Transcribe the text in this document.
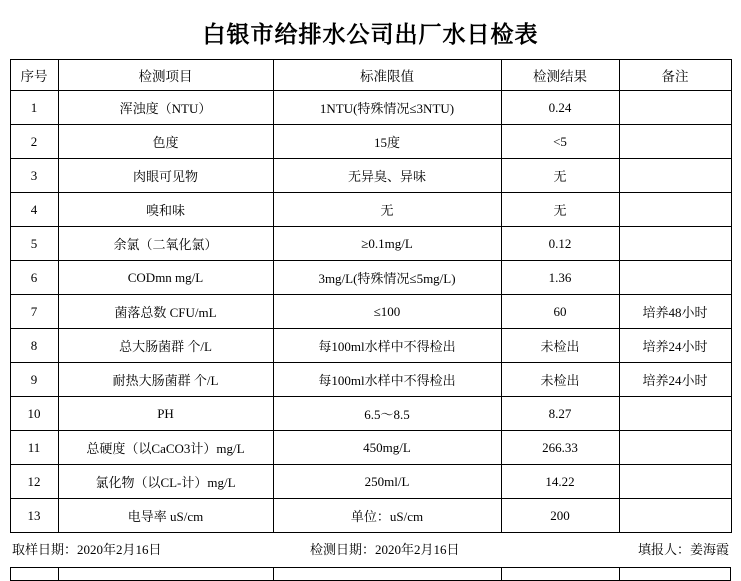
白银市给排水公司出厂水日检表
序号	检测项目	标准限值	检测结果	备注
1	浑浊度（NTU）	1NTU(特殊情况≤3NTU)	0.24	
2	色度	15度	<5	
3	肉眼可见物	无异臭、异味	无	
4	嗅和味	无	无	
5	余氯（二氧化氯）	≥0.1mg/L	0.12	
6	CODmn mg/L	3mg/L(特殊情况≤5mg/L)	1.36	
7	菌落总数 CFU/mL	≤100	60	培养48小时
8	总大肠菌群 个/L	每100ml水样中不得检出	未检出	培养24小时
9	耐热大肠菌群 个/L	每100ml水样中不得检出	未检出	培养24小时
10	PH	6.5～8.5	8.27	
11	总硬度（以CaCO3计）mg/L	450mg/L	266.33	
12	氯化物（以CL-计）mg/L	250ml/L	14.22	
13	电导率 uS/cm	单位：uS/cm	200	
取样日期：2020年2月16日	检测日期：2020年2月16日	填报人：姜海霞
